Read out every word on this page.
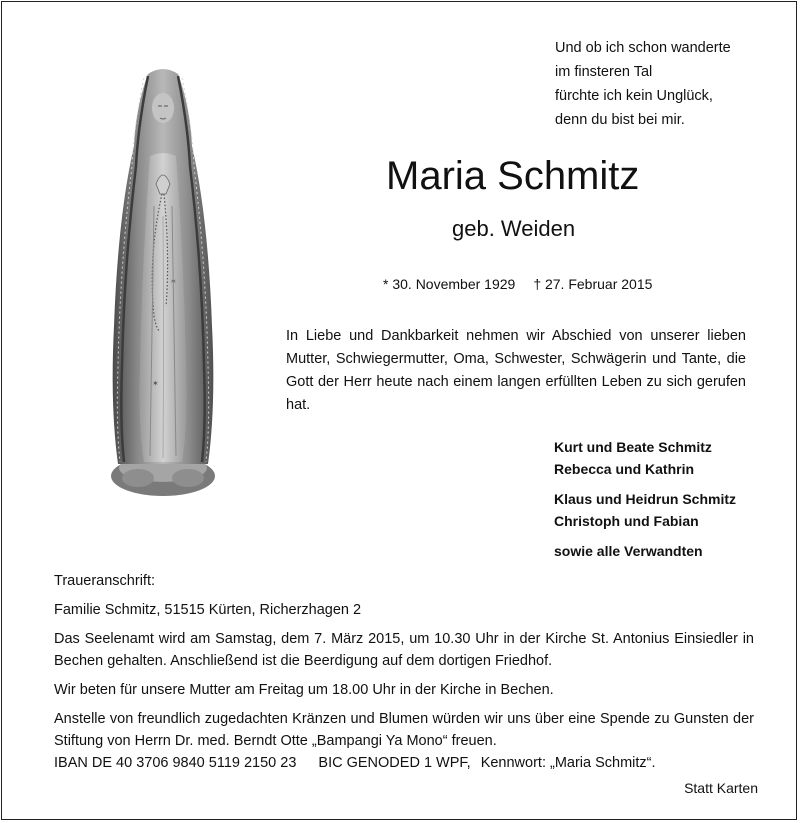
✶
✶
Und ob ich schon wanderte
im finsteren Tal
fürchte ich kein Unglück,
denn du bist bei mir.
Maria Schmitz
geb. Weiden
* 30. November 1929 † 27. Februar 2015
In Liebe und Dankbarkeit nehmen wir Abschied von unserer lieben Mutter, Schwiegermutter, Oma, Schwester, Schwägerin und Tante, die Gott der Herr heute nach einem langen erfüllten Leben zu sich gerufen hat.
Kurt und Beate Schmitz
Rebecca und Kathrin
Klaus und Heidrun Schmitz
Christoph und Fabian
sowie alle Verwandten

Traueranschrift:

Familie Schmitz, 51515 Kürten, Richerzhagen 2

Das Seelenamt wird am Samstag, dem 7. März 2015, um 10.30 Uhr in der Kirche St. Antonius Einsiedler in Bechen gehalten. Anschließend ist die Beerdigung auf dem dortigen Friedhof.

Wir beten für unsere Mutter am Freitag um 18.00 Uhr in der Kirche in Bechen.

Anstelle von freundlich zugedachten Kränzen und Blumen würden wir uns über eine Spende zu Gunsten der Stiftung von Herrn Dr. med. Berndt Otte „Bampangi Ya Mono“ freuen.

IBAN DE 40 3706 9840 5119 2150 23 BIC GENODED 1 WPF, Kennwort: „Maria Schmitz“.

Statt Karten
